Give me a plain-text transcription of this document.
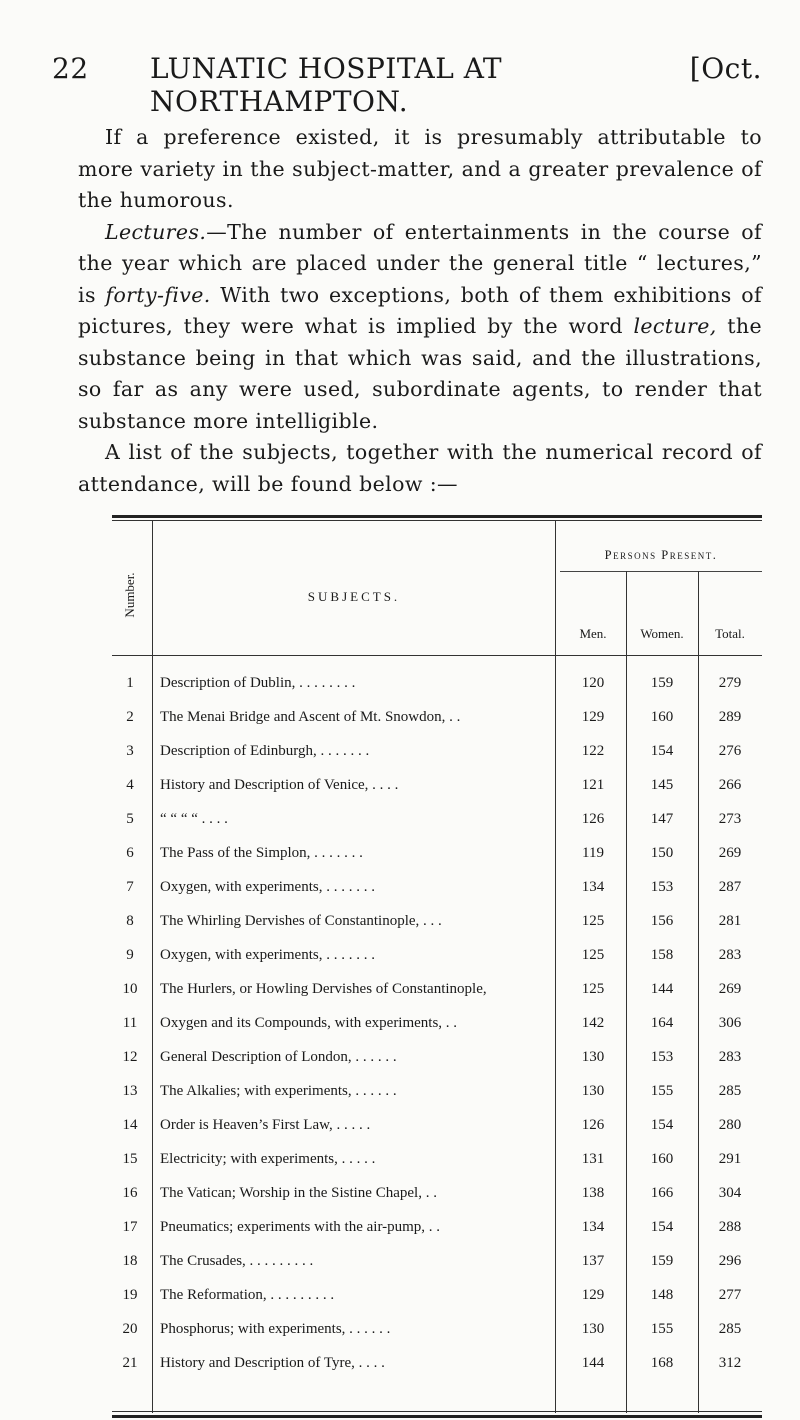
22 LUNATIC HOSPITAL AT NORTHAMPTON.
[Oct.

If a preference existed, it is presumably attributable to more variety in the subject-matter, and a greater prevalence of the humorous.

Lectures.—The number of entertainments in the course of the year which are placed under the general title “ lectures,” is forty-five. With two exceptions, both of them exhibitions of pictures, they were what is implied by the word lecture, the substance being in that which was said, and the illustrations, so far as any were used, subordinate agents, to render that substance more intelligible.

A list of the subjects, together with the numerical record of attendance, will be found below :—

Number.	SUBJECTS.
Persons Present.
Men.	Women.	Total.
1	Description of Dublin, . . . . . . . .	120	159	279
2	The Menai Bridge and Ascent of Mt. Snowdon, . .	129	160	289
3	Description of Edinburgh, . . . . . . .	122	154	276
4	History and Description of Venice, . . . .	121	145	266
5	“ “ “ “ . . . .	126	147	273
6	The Pass of the Simplon, . . . . . . .	119	150	269
7	Oxygen, with experiments, . . . . . . .	134	153	287
8	The Whirling Dervishes of Constantinople, . . .	125	156	281
9	Oxygen, with experiments, . . . . . . .	125	158	283
10	The Hurlers, or Howling Dervishes of Constantinople,	125	144	269
11	Oxygen and its Compounds, with experiments, . .	142	164	306
12	General Description of London, . . . . . .	130	153	283
13	The Alkalies; with experiments, . . . . . .	130	155	285
14	Order is Heaven’s First Law, . . . . .	126	154	280
15	Electricity; with experiments, . . . . .	131	160	291
16	The Vatican; Worship in the Sistine Chapel, . .	138	166	304
17	Pneumatics; experiments with the air-pump, . .	134	154	288
18	The Crusades, . . . . . . . . .	137	159	296
19	The Reformation, . . . . . . . . .	129	148	277
20	Phosphorus; with experiments, . . . . . .	130	155	285
21	History and Description of Tyre, . . . .	144	168	312
